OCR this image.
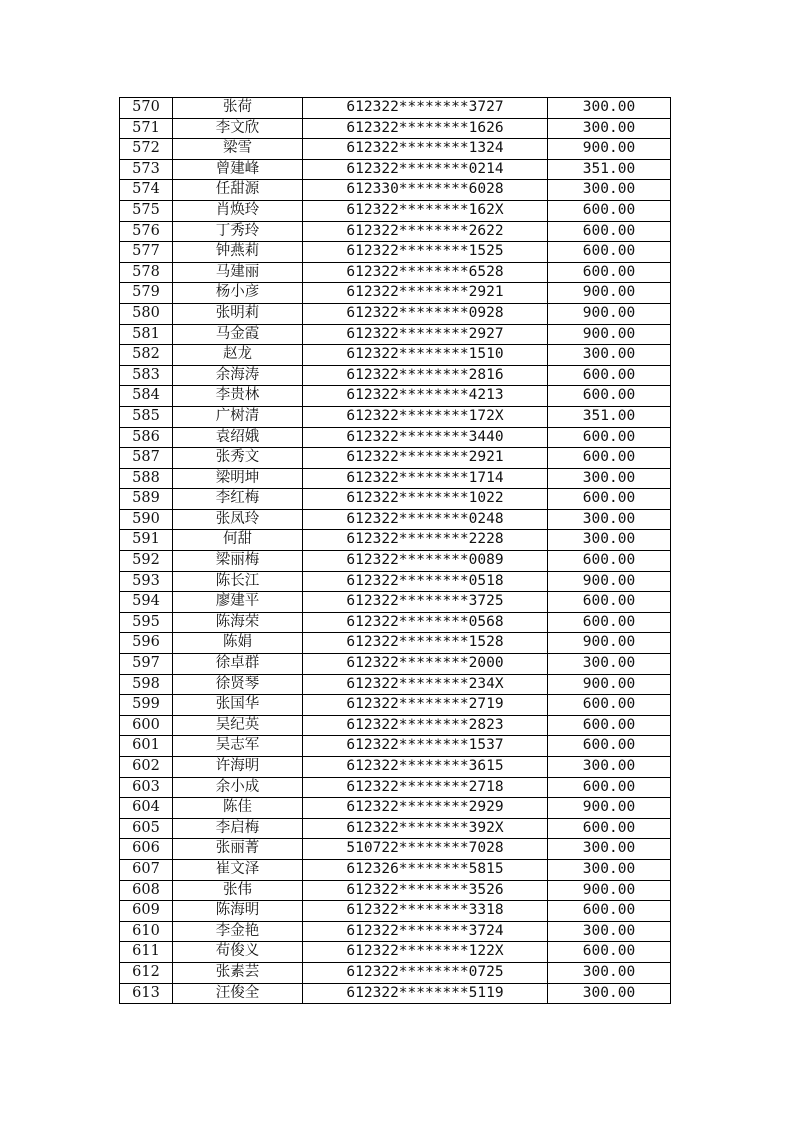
570	张荷	612322********3727	300.00
571	李文欣	612322********1626	300.00
572	梁雪	612322********1324	900.00
573	曾建峰	612322********0214	351.00
574	任甜源	612330********6028	300.00
575	肖焕玲	612322********162X	600.00
576	丁秀玲	612322********2622	600.00
577	钟燕莉	612322********1525	600.00
578	马建丽	612322********6528	600.00
579	杨小彦	612322********2921	900.00
580	张明莉	612322********0928	900.00
581	马金霞	612322********2927	900.00
582	赵龙	612322********1510	300.00
583	余海涛	612322********2816	600.00
584	李贵林	612322********4213	600.00
585	广树清	612322********172X	351.00
586	袁绍娥	612322********3440	600.00
587	张秀文	612322********2921	600.00
588	梁明坤	612322********1714	300.00
589	李红梅	612322********1022	600.00
590	张凤玲	612322********0248	300.00
591	何甜	612322********2228	300.00
592	梁丽梅	612322********0089	600.00
593	陈长江	612322********0518	900.00
594	廖建平	612322********3725	600.00
595	陈海荣	612322********0568	600.00
596	陈娟	612322********1528	900.00
597	徐卓群	612322********2000	300.00
598	徐贤琴	612322********234X	900.00
599	张国华	612322********2719	600.00
600	吴纪英	612322********2823	600.00
601	吴志军	612322********1537	600.00
602	许海明	612322********3615	300.00
603	余小成	612322********2718	600.00
604	陈佳	612322********2929	900.00
605	李启梅	612322********392X	600.00
606	张丽菁	510722********7028	300.00
607	崔文泽	612326********5815	300.00
608	张伟	612322********3526	900.00
609	陈海明	612322********3318	600.00
610	李金艳	612322********3724	300.00
611	苟俊义	612322********122X	600.00
612	张素芸	612322********0725	300.00
613	汪俊全	612322********5119	300.00
